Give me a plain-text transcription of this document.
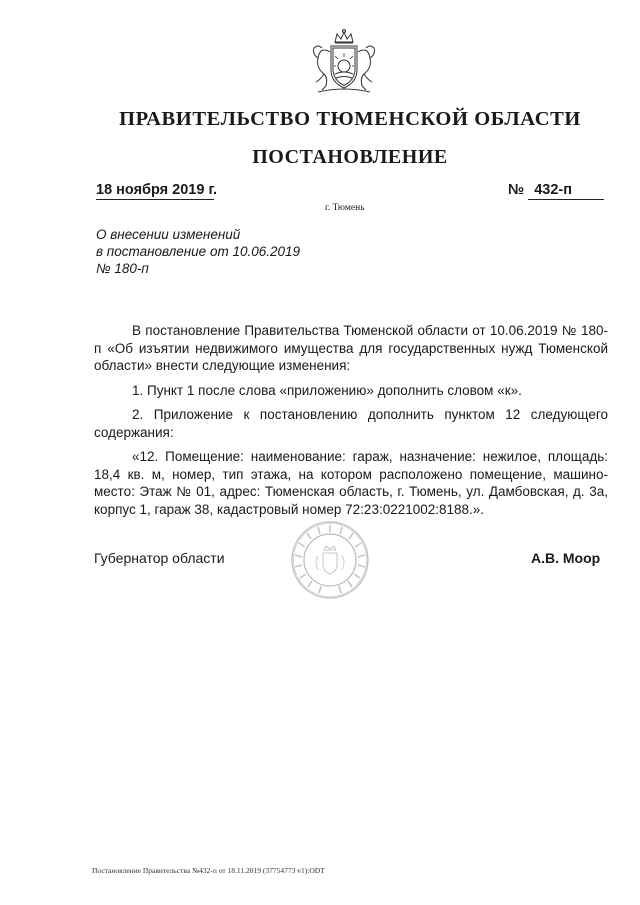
ПРАВИТЕЛЬСТВО ТЮМЕНСКОЙ ОБЛАСТИ
ПОСТАНОВЛЕНИЕ
18 ноября 2019 г.	№ 432-п
г. Тюмень
О внесении изменений
в постановление от 10.06.2019
№ 180-п

В постановление Правительства Тюменской области от 10.06.2019 № 180-п «Об изъятии недвижимого имущества для государственных нужд Тюменской области» внести следующие изменения:

1. Пункт 1 после слова «приложению» дополнить словом «к».

2. Приложение к постановлению дополнить пунктом 12 следующего содержания:

«12. Помещение: наименование: гараж, назначение: нежилое, площадь: 18,4 кв. м, номер, тип этажа, на котором расположено помещение, машино-место: Этаж № 01, адрес: Тюменская область, г. Тюмень, ул. Дамбовская, д. 3а, корпус 1, гараж 38, кадастровый номер 72:23:0221002:8188.».

Губернатор области	А.В. Моор
Постановление Правительства №432-п от 18.11.2019 (37754773 v1):ODT
